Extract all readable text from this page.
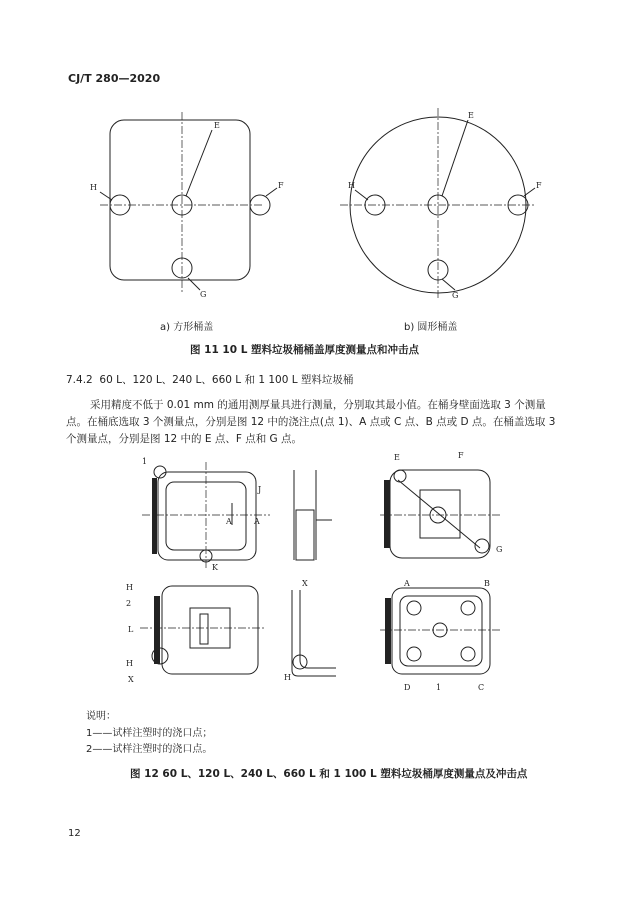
CJ/T 280—2020
E
H	F
G
E
H	F
G
1
J
A	A
K
E	F
G
H
2
L
H
X
X
H
A	B
D	1	C
a) 方形桶盖	b) 圆形桶盖
图 11 10 L 塑料垃圾桶桶盖厚度测量点和冲击点
7.4.2 60 L、120 L、240 L、660 L 和 1 100 L 塑料垃圾桶
采用精度不低于 0.01 mm 的通用测厚量具进行测量，分别取其最小值。在桶身壁面选取 3 个测量
点。在桶底选取 3 个测量点，分别是图 12 中的浇注点(点 1)、A 点或 C 点、B 点或 D 点。在桶盖选取 3
个测量点，分别是图 12 中的 E 点、F 点和 G 点。
说明：
1——试样注塑时的浇口点；
2——试样注塑时的浇口点。
图 12 60 L、120 L、240 L、660 L 和 1 100 L 塑料垃圾桶厚度测量点及冲击点
12
